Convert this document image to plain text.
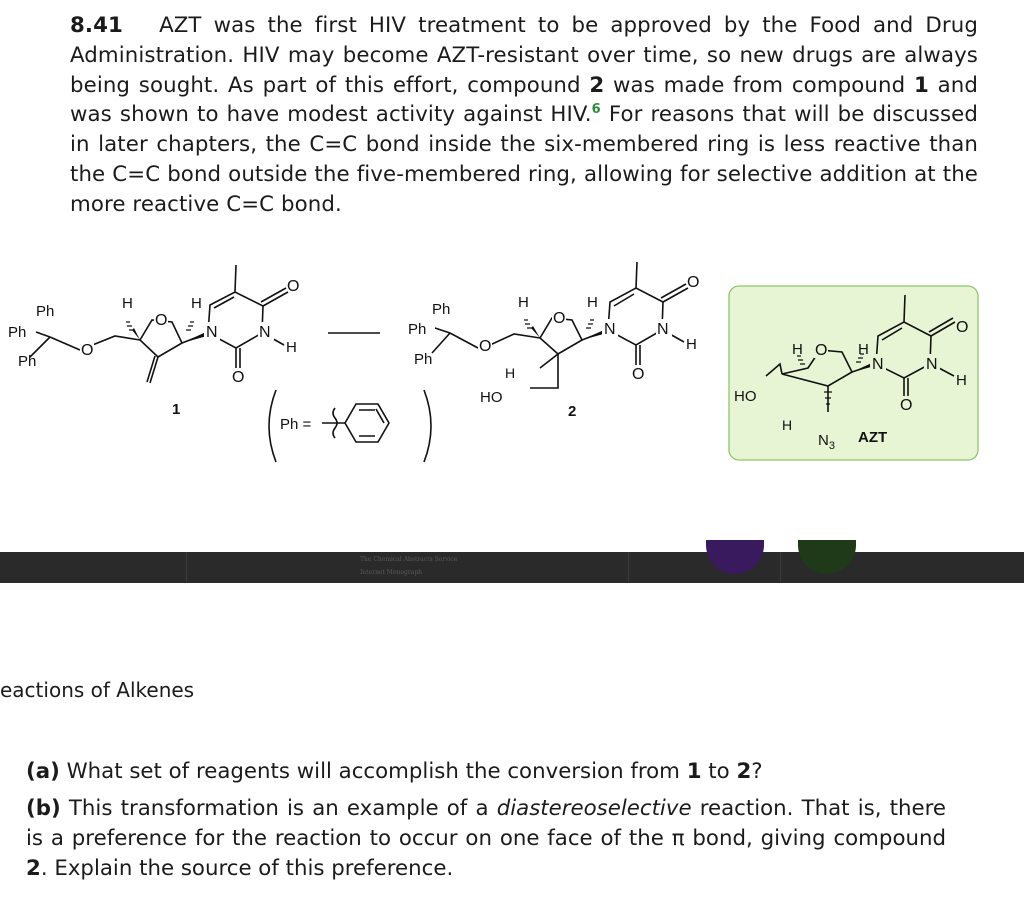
8.41 AZT was the first HIV treatment to be approved by the Food and Drug Administration. HIV may become AZT-resistant over time, so new drugs are always being sought. As part of this effort, compound 2 was made from compound 1 and was shown to have modest activity against HIV.$^6$ For reasons that will be discussed in later chapters, the C=C bond inside the six-membered ring is less reactive than the C=C bond outside the five-membered ring, allowing for selective addition at the more reactive C=C bond.
Ph
Ph
Ph
O
H
O
H
N	N
H
O
O
1
Ph =
Ph
Ph
Ph
O
H
O
H
N	N
H
O
O
H
HO
2
HO
H O H
N	N
H
O
O
H
$N_3$ AZT
The Chemical Abstracts Service
Internet Monograph
eactions of Alkenes
(a) What set of reagents will accomplish the conversion from 1 to 2?
(b) This transformation is an example of a diastereoselective reaction. That is, there is a preference for the reaction to occur on one face of the π bond, giving compound 2. Explain the source of this preference.
